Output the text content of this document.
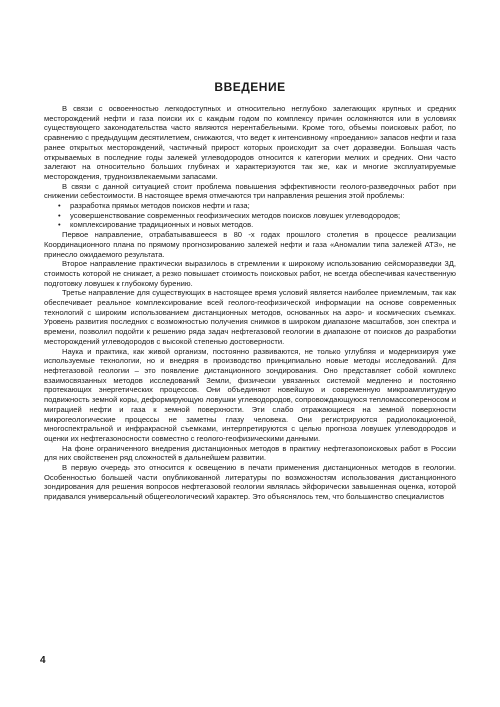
ВВЕДЕНИЕ

В связи с освоенностью легкодоступных и относительно неглубоко залегающих крупных и средних месторождений нефти и газа поиски их с каждым годом по комплексу причин осложняются или в условиях существующего законодательства часто являются нерентабельными. Кроме того, объемы поисковых работ, по сравнению с предыдущим десятилетием, снижаются, что ведет к интенсивному «проеданию» запасов нефти и газа ранее открытых месторождений, частичный прирост которых происходит за счет доразведки. Большая часть открываемых в последние годы залежей углеводородов относится к категории мелких и средних. Они часто залегают на относительно больших глубинах и характеризуются так же, как и многие эксплуатируемые месторождения, трудноизвлекаемыми запасами.

В связи с данной ситуацией стоит проблема повышения эффективности геолого-разведочных работ при снижении себестоимости. В настоящее время отмечаются три направления решения этой проблемы:

• разработка прямых методов поисков нефти и газа;
• усовершенствование современных геофизических методов поисков ловушек углеводородов;
• комплексирование традиционных и новых методов.

Первое направление, отрабатывавшееся в 80 -х годах прошлого столетия в процессе реализации Координационного плана по прямому прогнозированию залежей нефти и газа «Аномалии типа залежей АТЗ», не принесло ожидаемого результата.

Второе направление практически выразилось в стремлении к широкому использованию сейсморазведки 3Д, стоимость которой не снижает, а резко повышает стоимость поисковых работ, не всегда обеспечивая качественную подготовку ловушек к глубокому бурению.

Третье направление для существующих в настоящее время условий является наиболее приемлемым, так как обеспечивает реальное комплексирование всей геолого-геофизической информации на основе современных технологий с широким использованием дистанционных методов, основанных на аэро- и космических съемках. Уровень развития последних с возможностью получения снимков в широком диапазоне масштабов, зон спектра и времени, позволил подойти к решению ряда задач нефтегазовой геологии в диапазоне от поисков до разработки месторождений углеводородов с высокой степенью достоверности.

Наука и практика, как живой организм, постоянно развиваются, не только углубляя и модернизируя уже используемые технологии, но и внедряя в производство принципиально новые методы исследований. Для нефтегазовой геологии – это появление дистанционного зондирования. Оно представляет собой комплекс взаимосвязанных методов исследований Земли, физически увязанных системой медленно и постоянно протекающих энергетических процессов. Они объединяют новейшую и современную микроамплитудную подвижность земной коры, деформирующую ловушки углеводородов, сопровождающуюся тепломассопереносом и миграцией нефти и газа к земной поверхности. Эти слабо отражающиеся на земной поверхности микрогеологические процессы не заметны глазу человека. Они регистрируются радиолокационной, многоспектральной и инфракрасной съемками, интерпретируются с целью прогноза ловушек углеводородов и оценки их нефтегазоносности совместно с геолого-геофизическими данными.

На фоне ограниченного внедрения дистанционных методов в практику нефтегазопоисковых работ в России для них свойственен ряд сложностей в дальнейшем развитии.

В первую очередь это относится к освещению в печати применения дистанционных методов в геологии. Особенностью большей части опубликованной литературы по возможностям использования дистанционного зондирования для решения вопросов нефтегазовой геологии являлась эйфорически завышенная оценка, которой придавался универсальный общегеологический характер. Это объяснялось тем, что большинство специалистов

4
